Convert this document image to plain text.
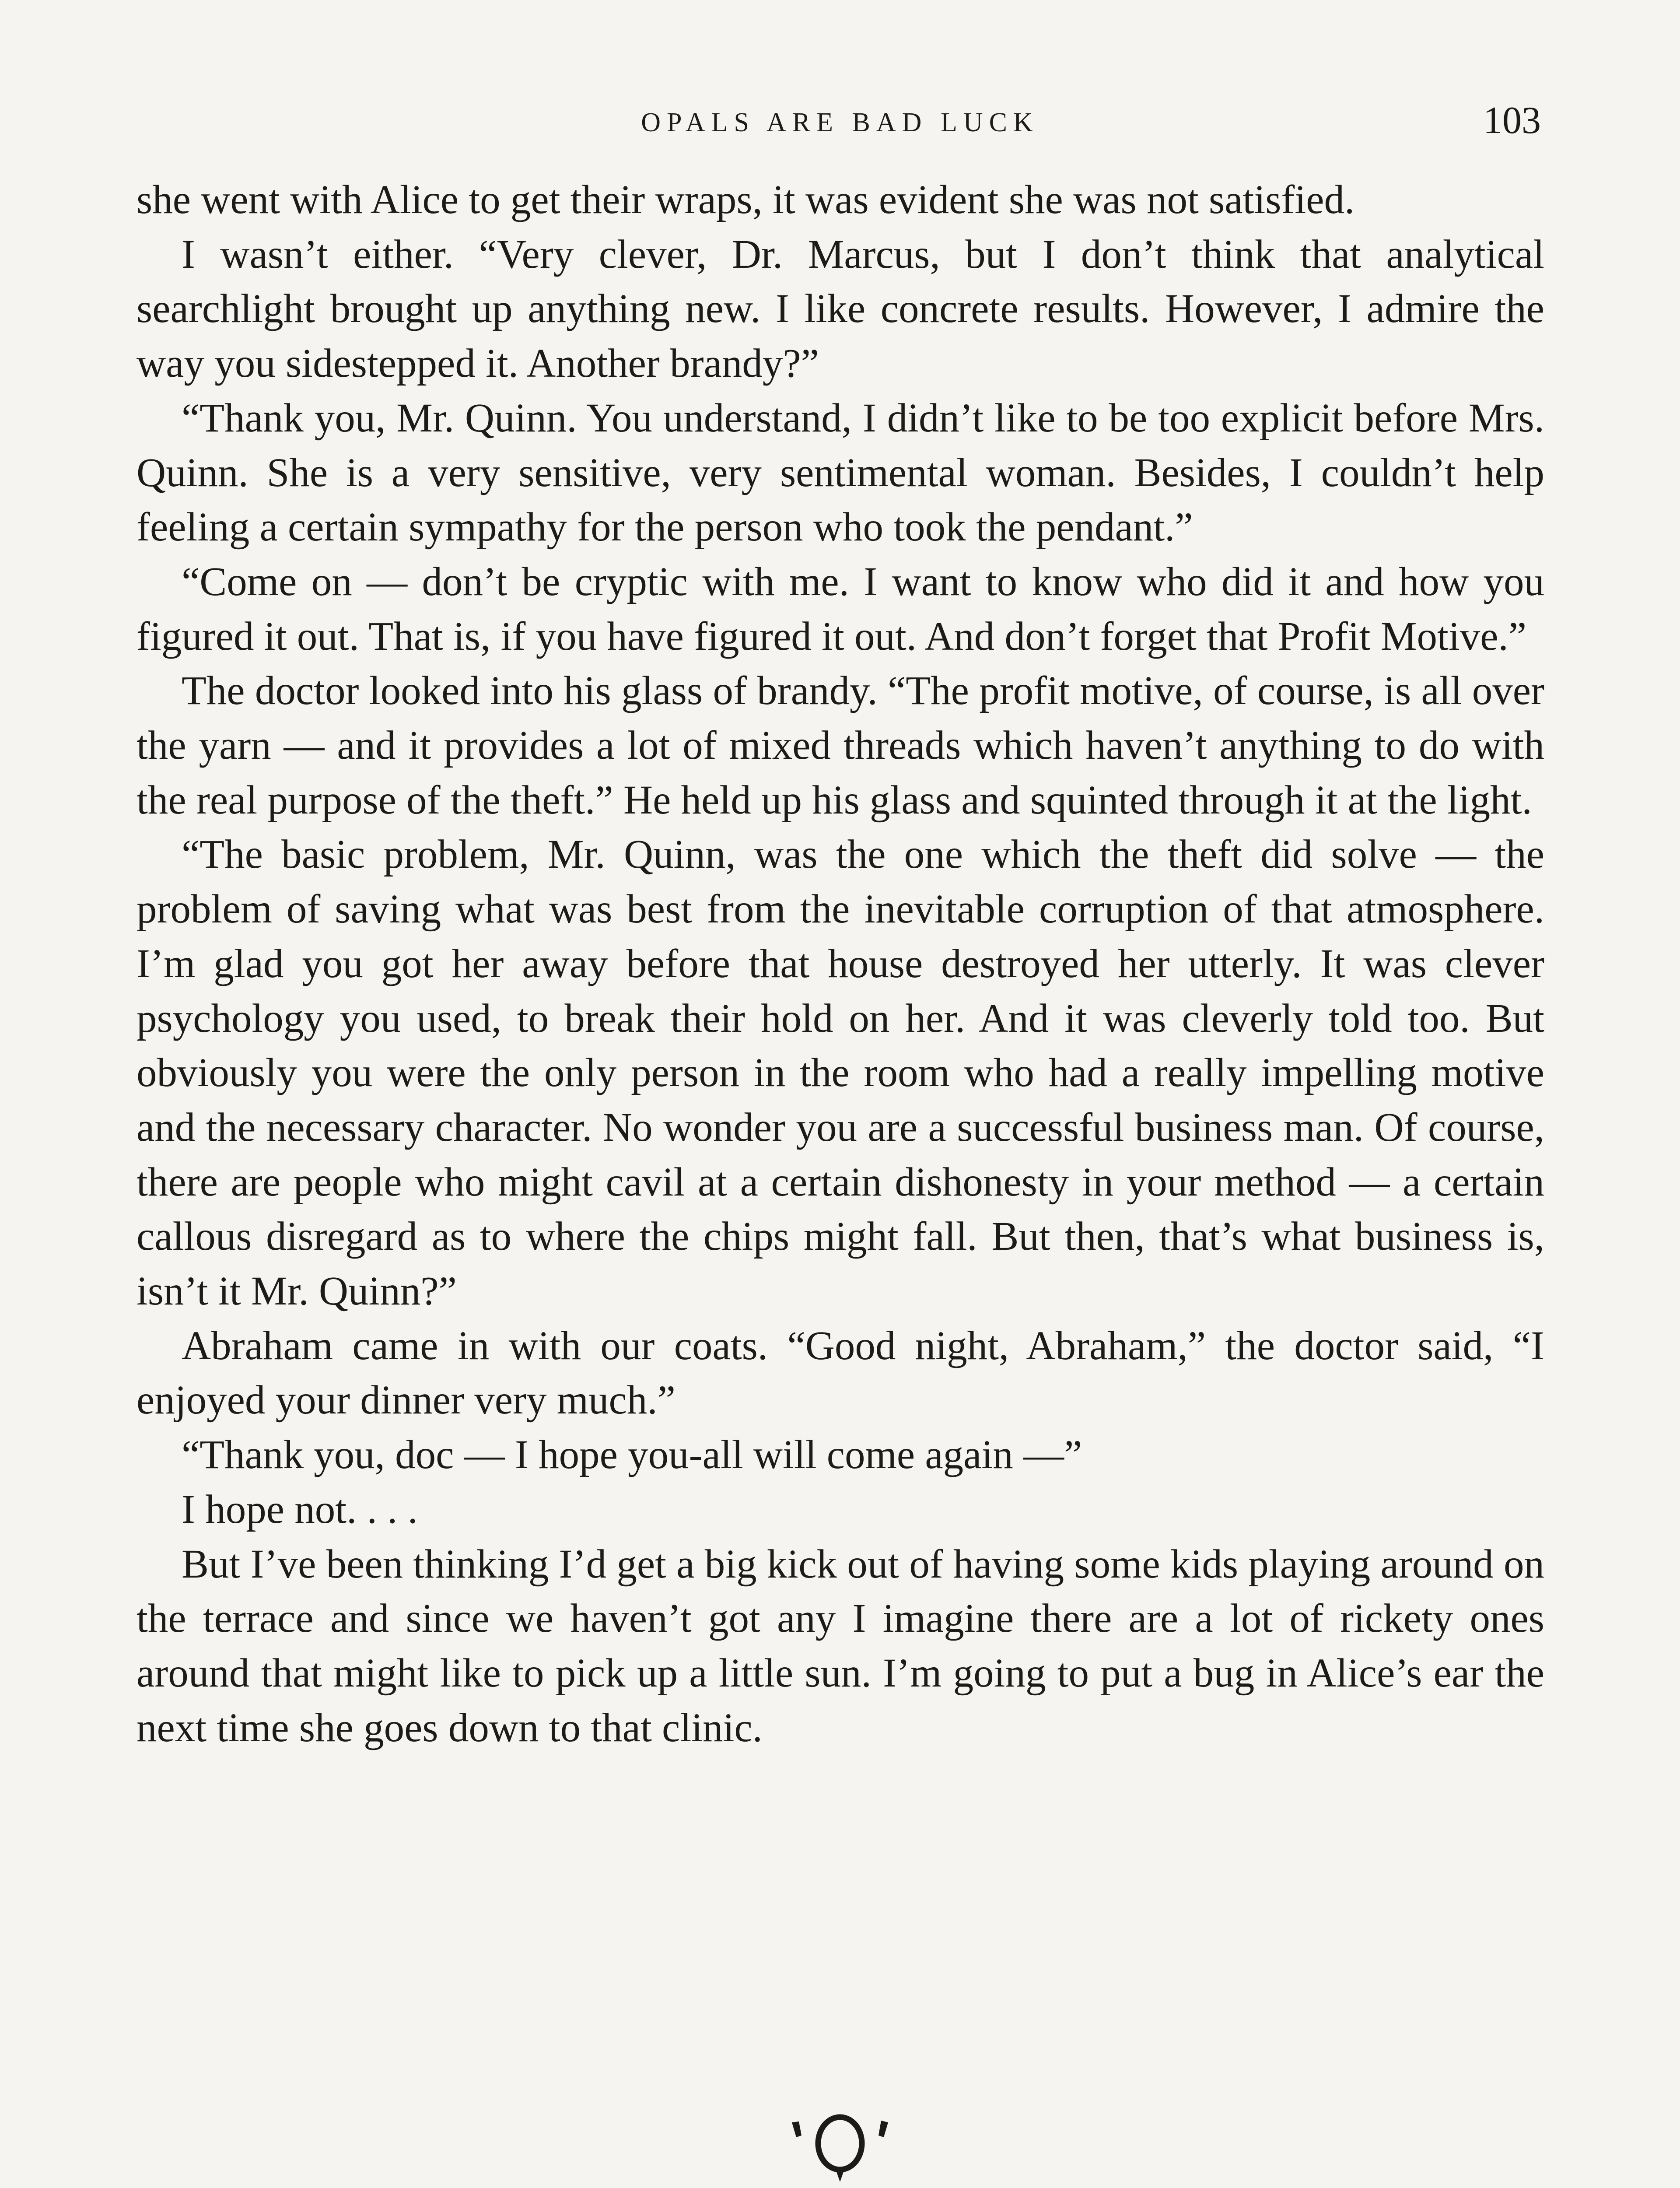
OPALS ARE BAD LUCK	103

she went with Alice to get their wraps, it was evident she was not satisfied.

I wasn’t either. “Very clever, Dr. Marcus, but I don’t think that analytical searchlight brought up anything new. I like concrete results. However, I admire the way you sidestepped it. Another brandy?”

“Thank you, Mr. Quinn. You understand, I didn’t like to be too explicit before Mrs. Quinn. She is a very sensitive, very sentimental woman. Besides, I couldn’t help feeling a certain sympathy for the person who took the pendant.”

“Come on — don’t be cryptic with me. I want to know who did it and how you figured it out. That is, if you have figured it out. And don’t forget that Profit Motive.”

The doctor looked into his glass of brandy. “The profit motive, of course, is all over the yarn — and it provides a lot of mixed threads which haven’t anything to do with the real purpose of the theft.” He held up his glass and squinted through it at the light.

“The basic problem, Mr. Quinn, was the one which the theft did solve — the problem of saving what was best from the inevitable corruption of that atmosphere. I’m glad you got her away before that house destroyed her utterly. It was clever psychology you used, to break their hold on her. And it was cleverly told too. But obviously you were the only person in the room who had a really impelling motive and the necessary character. No wonder you are a successful business man. Of course, there are people who might cavil at a certain dishonesty in your method — a certain callous disregard as to where the chips might fall. But then, that’s what business is, isn’t it Mr. Quinn?”

Abraham came in with our coats. “Good night, Abraham,” the doctor said, “I enjoyed your dinner very much.”

“Thank you, doc — I hope you-all will come again —”

I hope not. . . .

But I’ve been thinking I’d get a big kick out of having some kids playing around on the terrace and since we haven’t got any I imagine there are a lot of rickety ones around that might like to pick up a little sun. I’m going to put a bug in Alice’s ear the next time she goes down to that clinic.
